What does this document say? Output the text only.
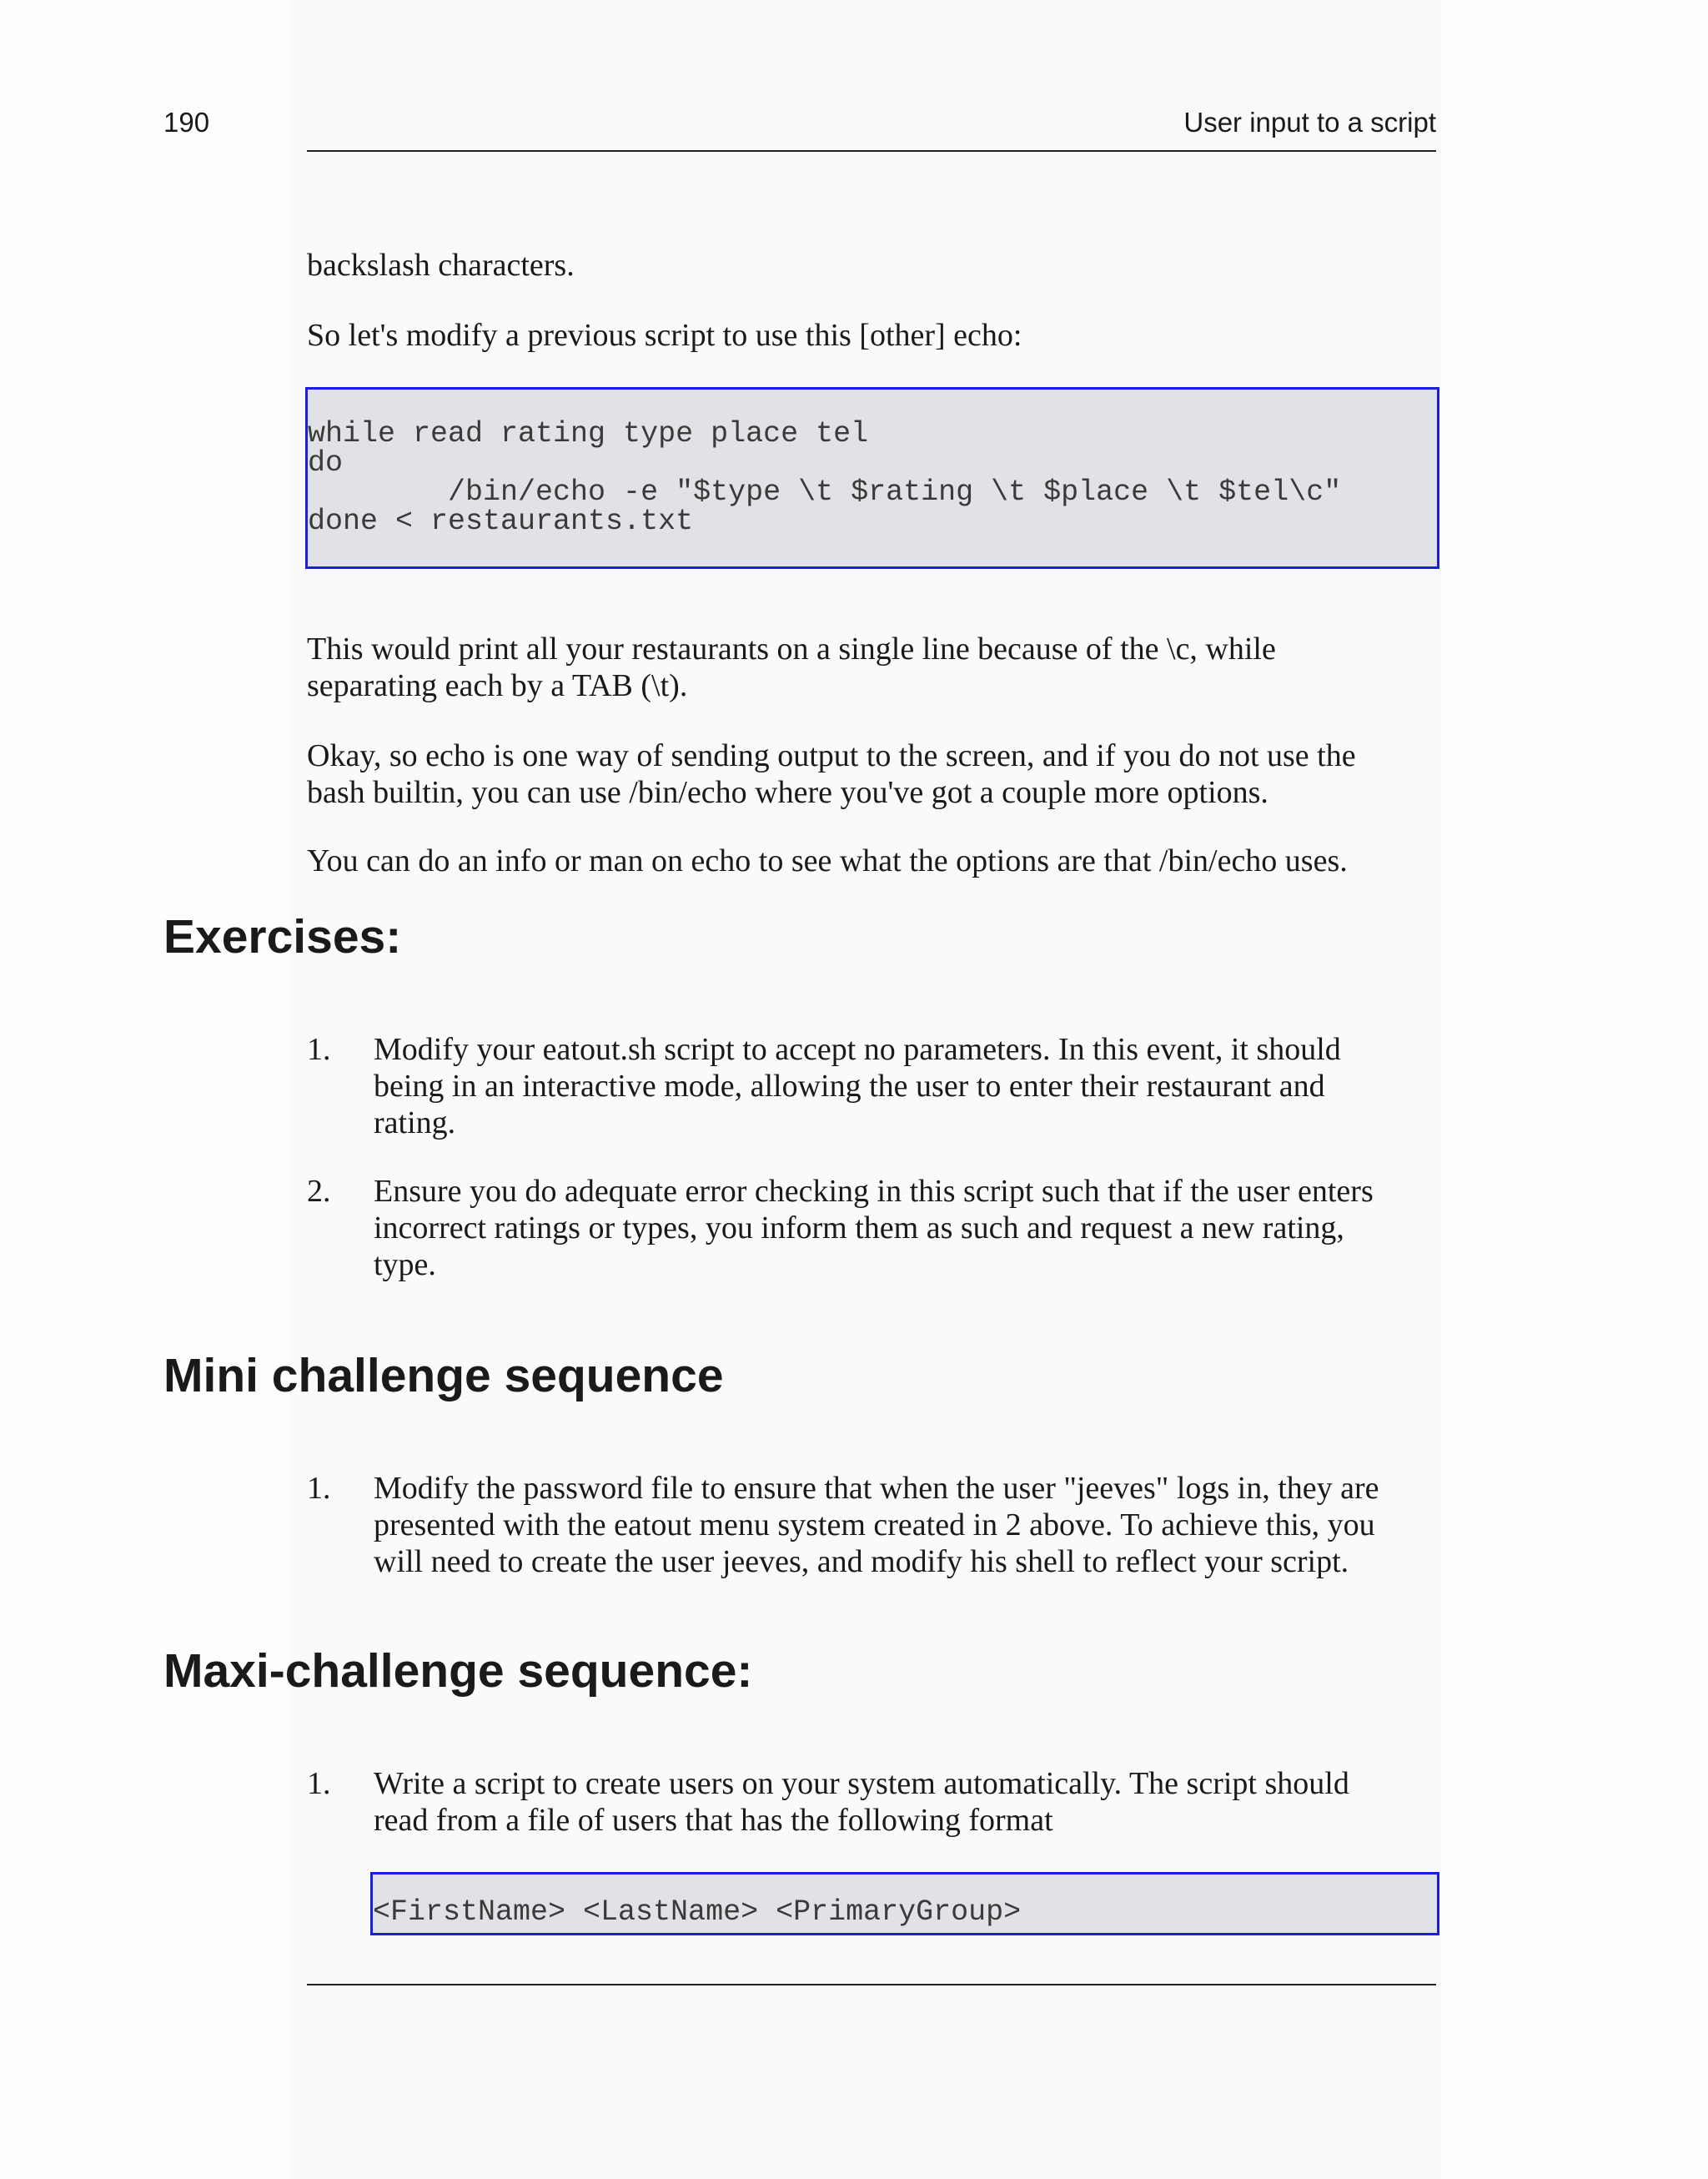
190	User input to a script

backslash characters.

So let's modify a previous script to use this [other] echo:

while read rating type place tel
do
/bin/echo -e "$type \t $rating \t $place \t $tel\c"
done < restaurants.txt
This would print all your restaurants on a single line because of the \c, while
separating each by a TAB (\t).
Okay, so echo is one way of sending output to the screen, and if you do not use the
bash builtin, you can use /bin/echo where you've got a couple more options.

You can do an info or man on echo to see what the options are that /bin/echo uses.

Exercises:
1. Modify your eatout.sh script to accept no parameters. In this event, it should
being in an interactive mode, allowing the user to enter their restaurant and
rating.
2. Ensure you do adequate error checking in this script such that if the user enters
incorrect ratings or types, you inform them as such and request a new rating,
type.
Mini challenge sequence
1. Modify the password file to ensure that when the user "jeeves" logs in, they are
presented with the eatout menu system created in 2 above. To achieve this, you
will need to create the user jeeves, and modify his shell to reflect your script.
Maxi-challenge sequence:
1. Write a script to create users on your system automatically. The script should
read from a file of users that has the following format
<FirstName> <LastName> <PrimaryGroup>
